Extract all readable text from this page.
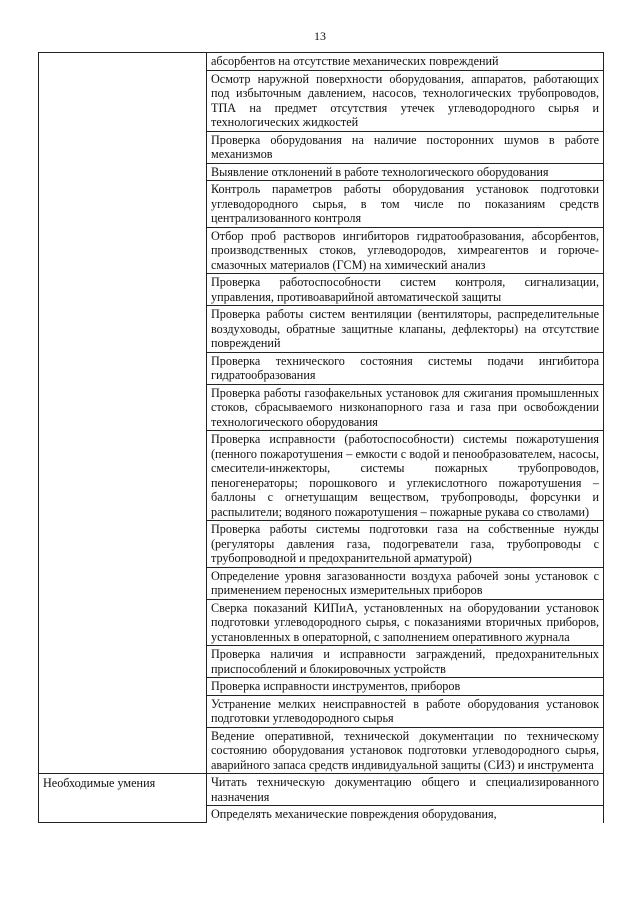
13
	абсорбентов на отсутствие механических повреждений
	Осмотр наружной поверхности оборудования, аппаратов, работающих под избыточным давлением, насосов, технологических трубопроводов, ТПА на предмет отсутствия утечек углеводородного сырья и технологических жидкостей
	Проверка оборудования на наличие посторонних шумов в работе механизмов
	Выявление отклонений в работе технологического оборудования
	Контроль параметров работы оборудования установок подготовки углеводородного сырья, в том числе по показаниям средств централизованного контроля
	Отбор проб растворов ингибиторов гидратообразования, абсорбентов, производственных стоков, углеводородов, химреагентов и горюче-смазочных материалов (ГСМ) на химический анализ
	Проверка работоспособности систем контроля, сигнализации, управления, противоаварийной автоматической защиты
	Проверка работы систем вентиляции (вентиляторы, распределительные воздуховоды, обратные защитные клапаны, дефлекторы) на отсутствие повреждений
	Проверка технического состояния системы подачи ингибитора гидратообразования
	Проверка работы газофакельных установок для сжигания промышленных стоков, сбрасываемого низконапорного газа и газа при освобождении технологического оборудования
	Проверка исправности (работоспособности) системы пожаротушения (пенного пожаротушения – емкости с водой и пенообразователем, насосы, смесители-инжекторы, системы пожарных трубопроводов, пеногенераторы; порошкового и углекислотного пожаротушения – баллоны с огнетушащим веществом, трубопроводы, форсунки и распылители; водяного пожаротушения – пожарные рукава со стволами)
	Проверка работы системы подготовки газа на собственные нужды (регуляторы давления газа, подогреватели газа, трубопроводы с трубопроводной и предохранительной арматурой)
	Определение уровня загазованности воздуха рабочей зоны установок с применением переносных измерительных приборов
	Сверка показаний КИПиА, установленных на оборудовании установок подготовки углеводородного сырья, с показаниями вторичных приборов, установленных в операторной, с заполнением оперативного журнала
	Проверка наличия и исправности заграждений, предохранительных приспособлений и блокировочных устройств
	Проверка исправности инструментов, приборов
	Устранение мелких неисправностей в работе оборудования установок подготовки углеводородного сырья
	Ведение оперативной, технической документации по техническому состоянию оборудования установок подготовки углеводородного сырья, аварийного запаса средств индивидуальной защиты (СИЗ) и инструмента
Необходимые умения	Читать техническую документацию общего и специализированного назначения
	Определять механические повреждения оборудования,
